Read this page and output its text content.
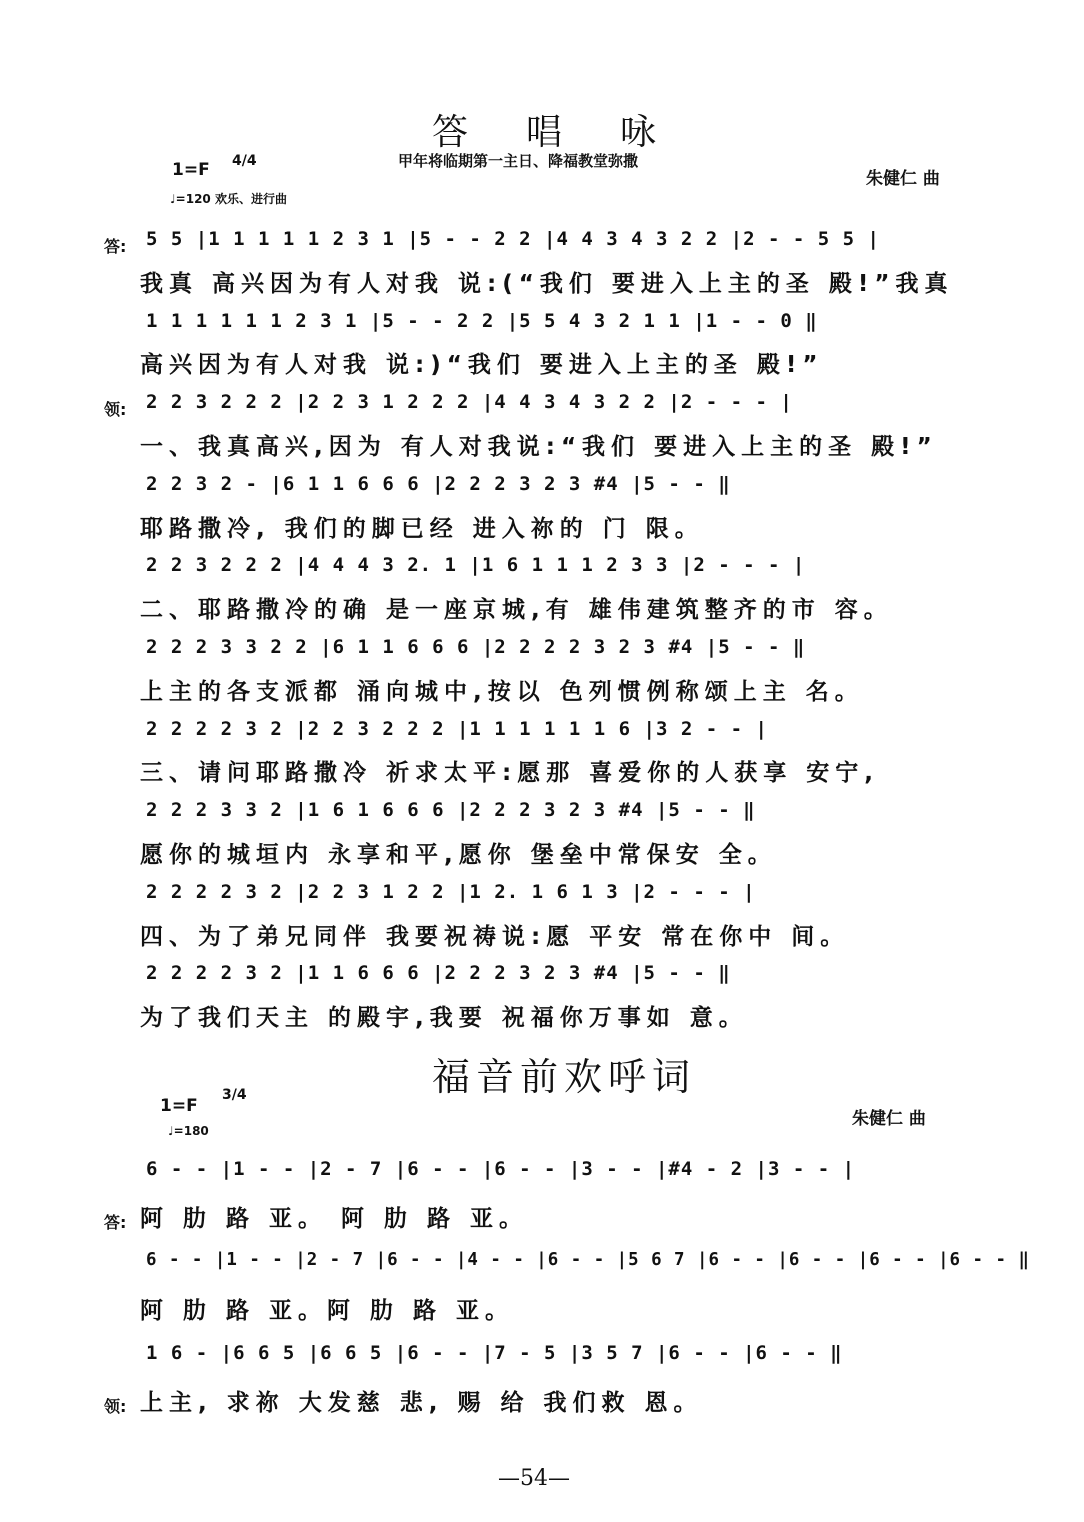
答唱咏
甲年将临期第一主日、降福教堂弥撒
1=F 4/4
♩=120 欢乐、进行曲
朱健仁 曲
答: 5 5 |1 1 1 1 1 2 3 1 |5 - - 2 2 |4 4 3 4 3 2 2 |2 - - 5 5 |
我真 高兴因为有人对我 说:(“我们 要进入上主的圣 殿!”我真
1 1 1 1 1 1 2 3 1 |5 - - 2 2 |5 5 4 3 2 1 1 |1 - - 0 ‖
高兴因为有人对我 说:)“我们 要进入上主的圣 殿!”
领: 2 2 3 2 2 2 |2 2 3 1 2 2 2 |4 4 3 4 3 2 2 |2 - - - |
一、我真高兴,因为 有人对我说:“我们 要进入上主的圣 殿!”
2 2 3 2 - |6 1 1 6 6 6 |2 2 2 3 2 3 #4 |5 - - ‖
耶路撒冷, 我们的脚已经 进入祢的 门 限。
2 2 3 2 2 2 |4 4 4 3 2. 1 |1 6 1 1 1 2 3 3 |2 - - - |
二、耶路撒冷的确 是一座京城,有 雄伟建筑整齐的市 容。
2 2 2 3 3 2 2 |6 1 1 6 6 6 |2 2 2 2 3 2 3 #4 |5 - - ‖
上主的各支派都 涌向城中,按以 色列惯例称颂上主 名。
2 2 2 2 3 2 |2 2 3 2 2 2 |1 1 1 1 1 1 6 |3 2 - - |
三、请问耶路撒冷 祈求太平:愿那 喜爱你的人获享 安宁,
2 2 2 3 3 2 |1 6 1 6 6 6 |2 2 2 3 2 3 #4 |5 - - ‖
愿你的城垣内 永享和平,愿你 堡垒中常保安 全。
2 2 2 2 3 2 |2 2 3 1 2 2 |1 2. 1 6 1 3 |2 - - - |
四、为了弟兄同伴 我要祝祷说:愿 平安 常在你中 间。
2 2 2 2 3 2 |1 1 6 6 6 |2 2 2 3 2 3 #4 |5 - - ‖
为了我们天主 的殿宇,我要 祝福你万事如 意。
福音前欢呼词
1=F
3/4
♩=180
朱健仁 曲
6 - - |1 - - |2 - 7 |6 - - |6 - - |3 - - |#4 - 2 |3 - - |
答: 阿 肋 路 亚。 阿 肋 路 亚。
6 - - |1 - - |2 - 7 |6 - - |4 - - |6 - - |5 6 7 |6 - - |6 - - |6 - - |6 - - ‖
阿 肋 路 亚。阿 肋 路 亚。
1 6 - |6 6 5 |6 6 5 |6 - - |7 - 5 |3 5 7 |6 - - |6 - - ‖
领: 上主, 求祢 大发慈 悲, 赐 给 我们救 恩。
—54—
